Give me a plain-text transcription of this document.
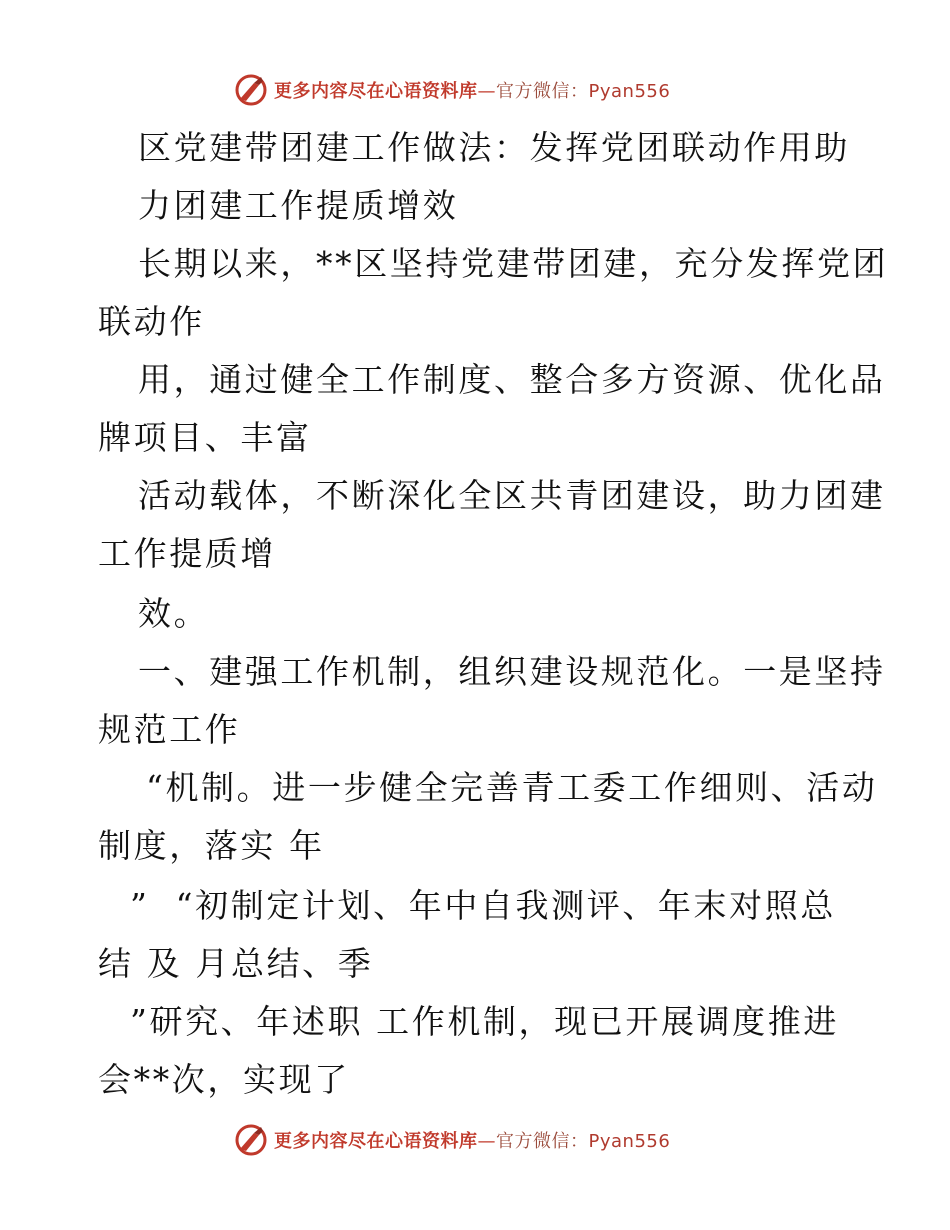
更多内容尽在心语资料库—官方微信：Pyan556
区党建带团建工作做法：发挥党团联动作用助
力团建工作提质增效
长期以来，**区坚持党建带团建，充分发挥党团
联动作
用，通过健全工作制度、整合多方资源、优化品
牌项目、丰富
活动载体，不断深化全区共青团建设，助力团建
工作提质增
效。
一、建强工作机制，组织建设规范化。一是坚持
规范工作
“机制。进一步健全完善青工委工作细则、活动
制度，落实 年
”  “初制定计划、年中自我测评、年末对照总
结 及 月总结、季
”研究、年述职 工作机制，现已开展调度推进
会**次，实现了
更多内容尽在心语资料库—官方微信：Pyan556
